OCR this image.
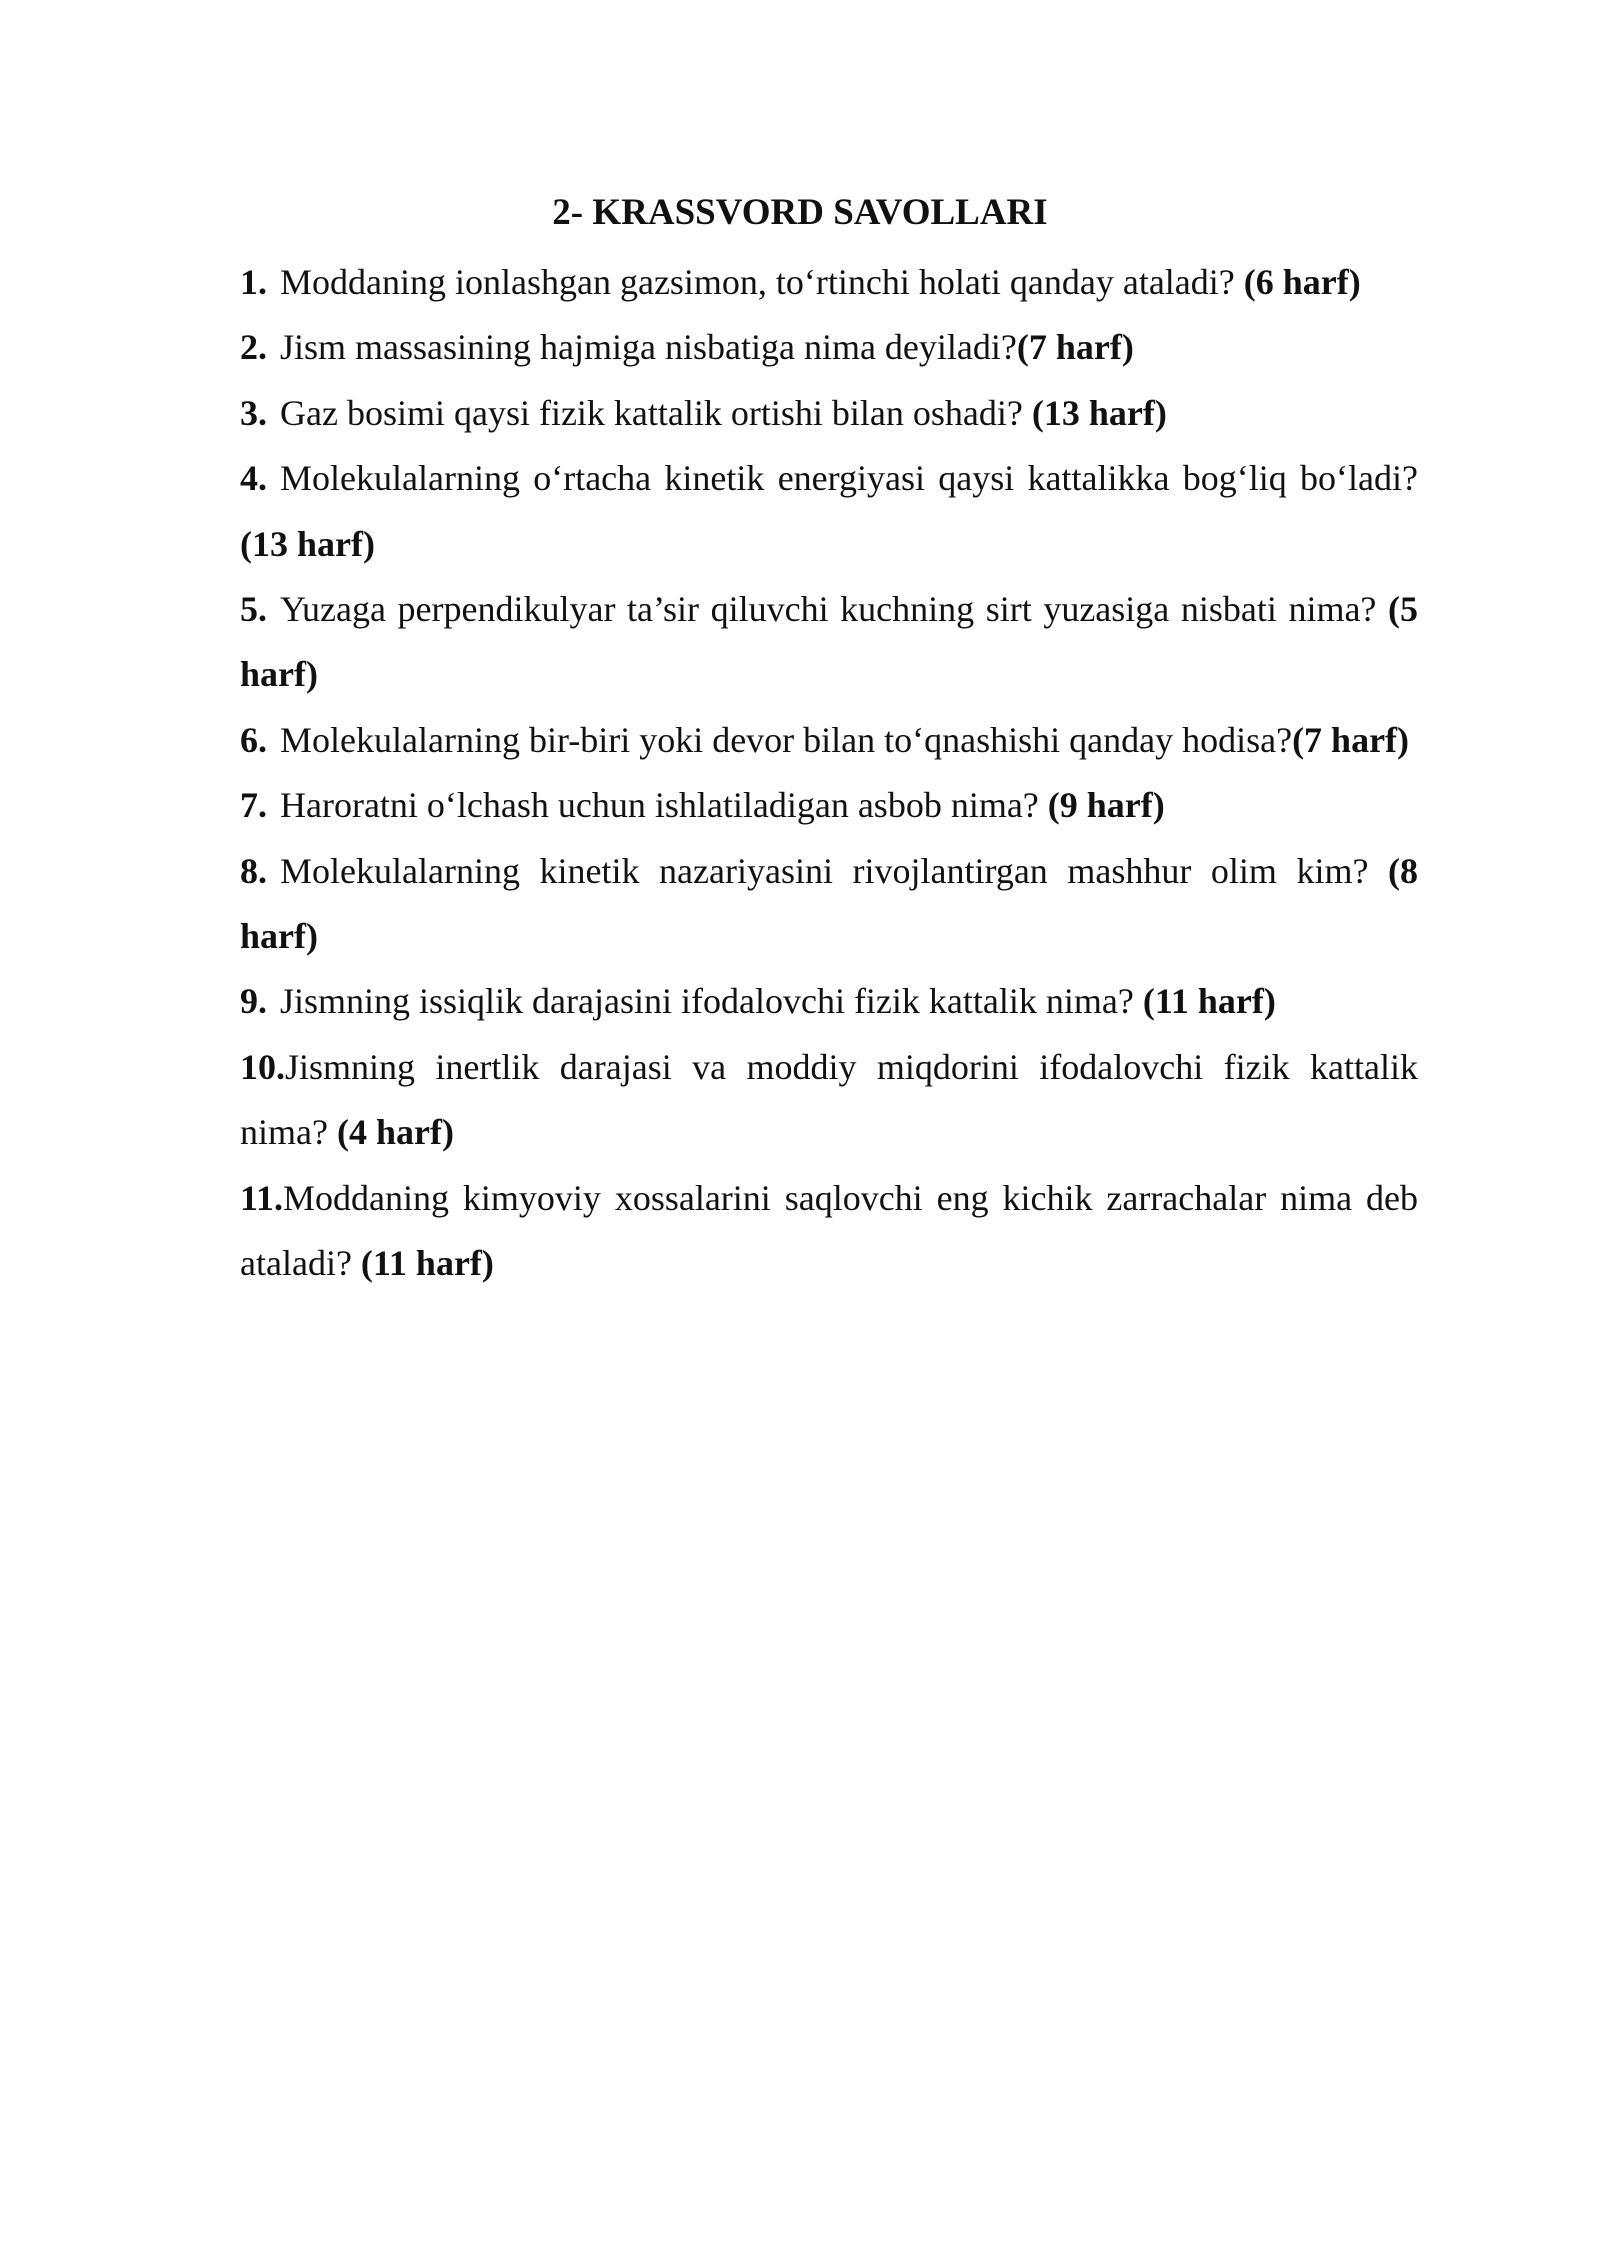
2- KRASSVORD SAVOLLARI
1. Moddaning ionlashgan gazsimon, to‘rtinchi holati qanday ataladi? (6 harf)
2. Jism massasining hajmiga nisbatiga nima deyiladi?(7 harf)
3. Gaz bosimi qaysi fizik kattalik ortishi bilan oshadi? (13 harf)
4. Molekulalarning o‘rtacha kinetik energiyasi qaysi kattalikka bog‘liq bo‘ladi? (13 harf)
5. Yuzaga perpendikulyar ta’sir qiluvchi kuchning sirt yuzasiga nisbati nima? (5 harf)
6. Molekulalarning bir-biri yoki devor bilan to‘qnashishi qanday hodisa?(7 harf)
7. Haroratni o‘lchash uchun ishlatiladigan asbob nima? (9 harf)
8. Molekulalarning kinetik nazariyasini rivojlantirgan mashhur olim kim? (8 harf)
9. Jismning issiqlik darajasini ifodalovchi fizik kattalik nima? (11 harf)
10.Jismning inertlik darajasi va moddiy miqdorini ifodalovchi fizik kattalik nima? (4 harf)
11.Moddaning kimyoviy xossalarini saqlovchi eng kichik zarrachalar nima deb ataladi? (11 harf)
